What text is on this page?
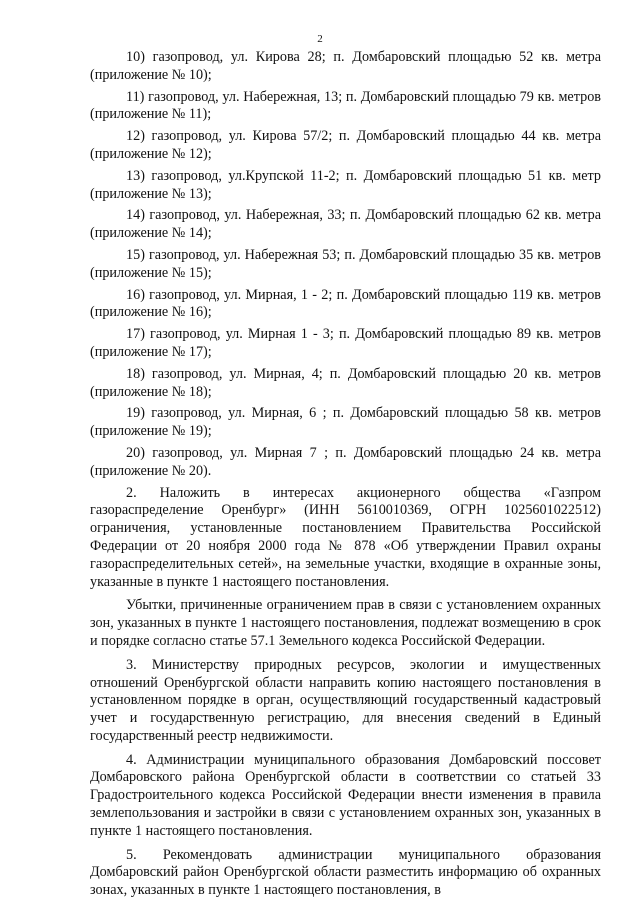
2

10) газопровод, ул. Кирова 28; п. Домбаровский площадью 52 кв. метра (приложение № 10);

11) газопровод, ул. Набережная, 13; п. Домбаровский площадью 79 кв. метров (приложение № 11);

12) газопровод, ул. Кирова 57/2; п. Домбаровский площадью 44 кв. метра (приложение № 12);

13) газопровод, ул.Крупской 11-2; п. Домбаровский площадью 51 кв. метр (приложение № 13);

14) газопровод, ул. Набережная, 33; п. Домбаровский площадью 62 кв. метра (приложение № 14);

15) газопровод, ул. Набережная 53; п. Домбаровский площадью 35 кв. метров (приложение № 15);

16) газопровод, ул. Мирная, 1 - 2; п. Домбаровский площадью 119 кв. метров (приложение № 16);

17) газопровод, ул. Мирная 1 - 3; п. Домбаровский площадью 89 кв. метров (приложение № 17);

18) газопровод, ул. Мирная, 4; п. Домбаровский площадью 20 кв. метров (приложение № 18);

19) газопровод, ул. Мирная, 6 ; п. Домбаровский площадью 58 кв. метров (приложение № 19);

20) газопровод, ул. Мирная 7 ; п. Домбаровский площадью 24 кв. метра (приложение № 20).

2. Наложить в интересах акционерного общества «Газпром газораспределение Оренбург» (ИНН 5610010369, ОГРН 1025601022512) ограничения, установленные постановлением Правительства Российской Федерации от 20 ноября 2000 года № 878 «Об утверждении Правил охраны газораспределительных сетей», на земельные участки, входящие в охранные зоны, указанные в пункте 1 настоящего постановления.

Убытки, причиненные ограничением прав в связи с установлением охранных зон, указанных в пункте 1 настоящего постановления, подлежат возмещению в срок и порядке согласно статье 57.1 Земельного кодекса Российской Федерации.

3. Министерству природных ресурсов, экологии и имущественных отношений Оренбургской области направить копию настоящего постановления в установленном порядке в орган, осуществляющий государственный кадастровый учет и государственную регистрацию, для внесения сведений в Единый государственный реестр недвижимости.

4. Администрации муниципального образования Домбаровский поссовет Домбаровского района Оренбургской области в соответствии со статьей 33 Градостроительного кодекса Российской Федерации внести изменения в правила землепользования и застройки в связи с установлением охранных зон, указанных в пункте 1 настоящего постановления.

5. Рекомендовать администрации муниципального образования Домбаровский район Оренбургской области разместить информацию об охранных зонах, указанных в пункте 1 настоящего постановления, в
